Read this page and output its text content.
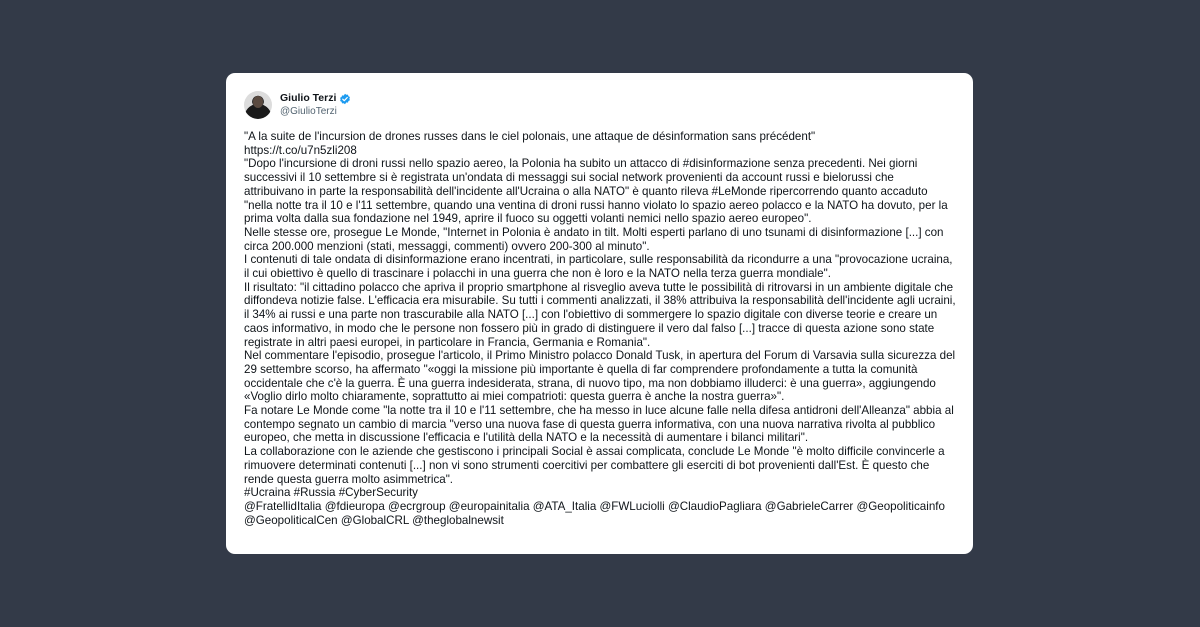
Giulio Terzi
@GiulioTerzi

"A la suite de l'incursion de drones russes dans le ciel polonais, une attaque de désinformation sans précédent"

https://t.co/u7n5zli208

"Dopo l'incursione di droni russi nello spazio aereo, la Polonia ha subito un attacco di #disinformazione senza precedenti. Nei giorni successivi il 10 settembre si è registrata un'ondata di messaggi sui social network provenienti da account russi e bielorussi che attribuivano in parte la responsabilità dell'incidente all'Ucraina o alla NATO" è quanto rileva #LeMonde ripercorrendo quanto accaduto "nella notte tra il 10 e l'11 settembre, quando una ventina di droni russi hanno violato lo spazio aereo polacco e la NATO ha dovuto, per la prima volta dalla sua fondazione nel 1949, aprire il fuoco su oggetti volanti nemici nello spazio aereo europeo".

Nelle stesse ore, prosegue Le Monde, "Internet in Polonia è andato in tilt. Molti esperti parlano di uno tsunami di disinformazione [...] con circa 200.000 menzioni (stati, messaggi, commenti) ovvero 200-300 al minuto".

I contenuti di tale ondata di disinformazione erano incentrati, in particolare, sulle responsabilità da ricondurre a una "provocazione ucraina, il cui obiettivo è quello di trascinare i polacchi in una guerra che non è loro e la NATO nella terza guerra mondiale".

Il risultato: "il cittadino polacco che apriva il proprio smartphone al risveglio aveva tutte le possibilità di ritrovarsi in un ambiente digitale che diffondeva notizie false. L'efficacia era misurabile. Su tutti i commenti analizzati, il 38% attribuiva la responsabilità dell'incidente agli ucraini, il 34% ai russi e una parte non trascurabile alla NATO [...] con l'obiettivo di sommergere lo spazio digitale con diverse teorie e creare un caos informativo, in modo che le persone non fossero più in grado di distinguere il vero dal falso [...] tracce di questa azione sono state registrate in altri paesi europei, in particolare in Francia, Germania e Romania".

Nel commentare l'episodio, prosegue l'articolo, il Primo Ministro polacco Donald Tusk, in apertura del Forum di Varsavia sulla sicurezza del 29 settembre scorso, ha affermato "«oggi la missione più importante è quella di far comprendere profondamente a tutta la comunità occidentale che c'è la guerra. È una guerra indesiderata, strana, di nuovo tipo, ma non dobbiamo illuderci: è una guerra», aggiungendo «Voglio dirlo molto chiaramente, soprattutto ai miei compatrioti: questa guerra è anche la nostra guerra»".

Fa notare Le Monde come "la notte tra il 10 e l'11 settembre, che ha messo in luce alcune falle nella difesa antidroni dell'Alleanza" abbia al contempo segnato un cambio di marcia "verso una nuova fase di questa guerra informativa, con una nuova narrativa rivolta al pubblico europeo, che metta in discussione l'efficacia e l'utilità della NATO e la necessità di aumentare i bilanci militari".

La collaborazione con le aziende che gestiscono i principali Social è assai complicata, conclude Le Monde "è molto difficile convincerle a rimuovere determinati contenuti [...] non vi sono strumenti coercitivi per combattere gli eserciti di bot provenienti dall'Est. È questo che rende questa guerra molto asimmetrica".

#Ucraina #Russia #CyberSecurity

@FratellidItalia @fdieuropa @ecrgroup @europainitalia @ATA_Italia @FWLuciolli @ClaudioPagliara @GabrieleCarrer @Geopoliticainfo @GeopoliticalCen @GlobalCRL @theglobalnewsit
